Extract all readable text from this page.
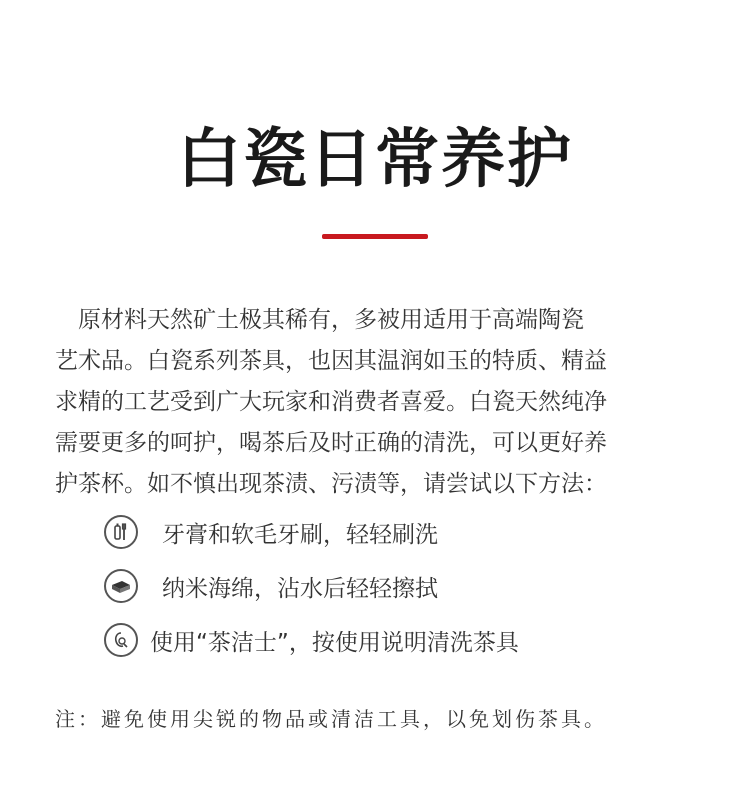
白瓷日常养护
原材料天然矿土极其稀有，多被用适用于高端陶瓷
艺术品。白瓷系列茶具，也因其温润如玉的特质、精益
求精的工艺受到广大玩家和消费者喜爱。白瓷天然纯净
需要更多的呵护，喝茶后及时正确的清洗，可以更好养
护茶杯。如不慎出现茶渍、污渍等，请尝试以下方法：
牙膏和软毛牙刷，轻轻刷洗
纳米海绵，沾水后轻轻擦拭
使用“茶洁士”，按使用说明清洗茶具
注：避免使用尖锐的物品或清洁工具，以免划伤茶具。
